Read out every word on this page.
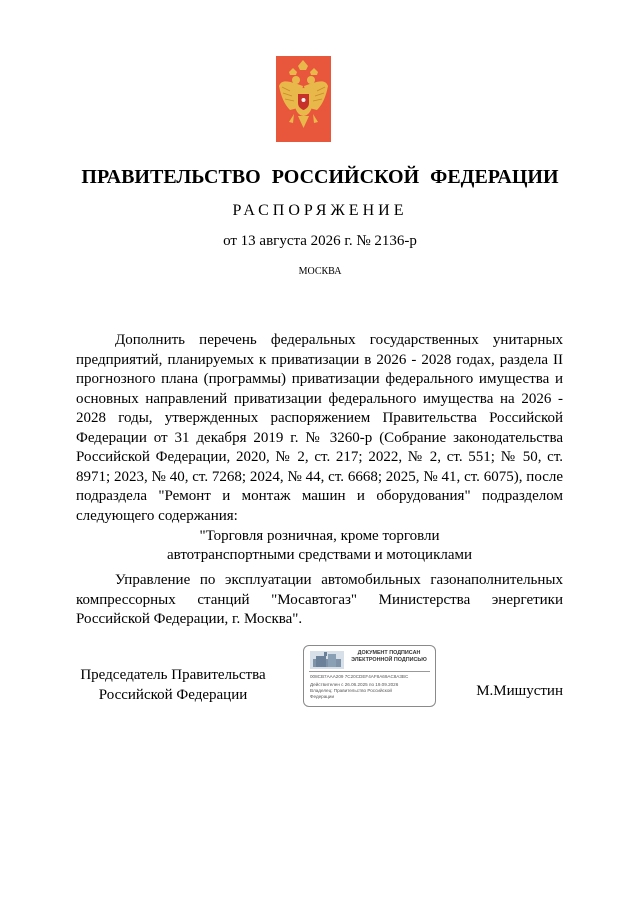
ПРАВИТЕЛЬСТВО РОССИЙСКОЙ ФЕДЕРАЦИИ
РАСПОРЯЖЕНИЕ
от 13 августа 2026 г. № 2136-р
МОСКВА

Дополнить перечень федеральных государственных унитарных предприятий, планируемых к приватизации в 2026 - 2028 годах, раздела II прогнозного плана (программы) приватизации федерального имущества и основных направлений приватизации федерального имущества на 2026 - 2028 годы, утвержденных распоряжением Правительства Российской Федерации от 31 декабря 2019 г. № 3260-р (Собрание законодательства Российской Федерации, 2020, № 2, ст. 217; 2022, № 2, ст. 551; № 50, ст. 8971; 2023, № 40, ст. 7268; 2024, № 44, ст. 6668; 2025, № 41, ст. 6075), после подраздела "Ремонт и монтаж машин и оборудования" подразделом следующего содержания:

"Торговля розничная, кроме торговли
автотранспортными средствами и мотоциклами

Управление по эксплуатации автомобильных газонаполнительных компрессорных станций "Мосавтогаз" Министерства энергетики Российской Федерации, г. Москва".

Председатель Правительства
Российской Федерации
ДОКУМЕНТ ПОДПИСАН
ЭЛЕКТРОННОЙ ПОДПИСЬЮ
008CB7AAA209 7C20CDEF4AF8A69AC8A3BC
Действителен с 26.06.2025 по 19.09.2026
Владелец: Правительство Российской
Федерации	М.Мишустин
